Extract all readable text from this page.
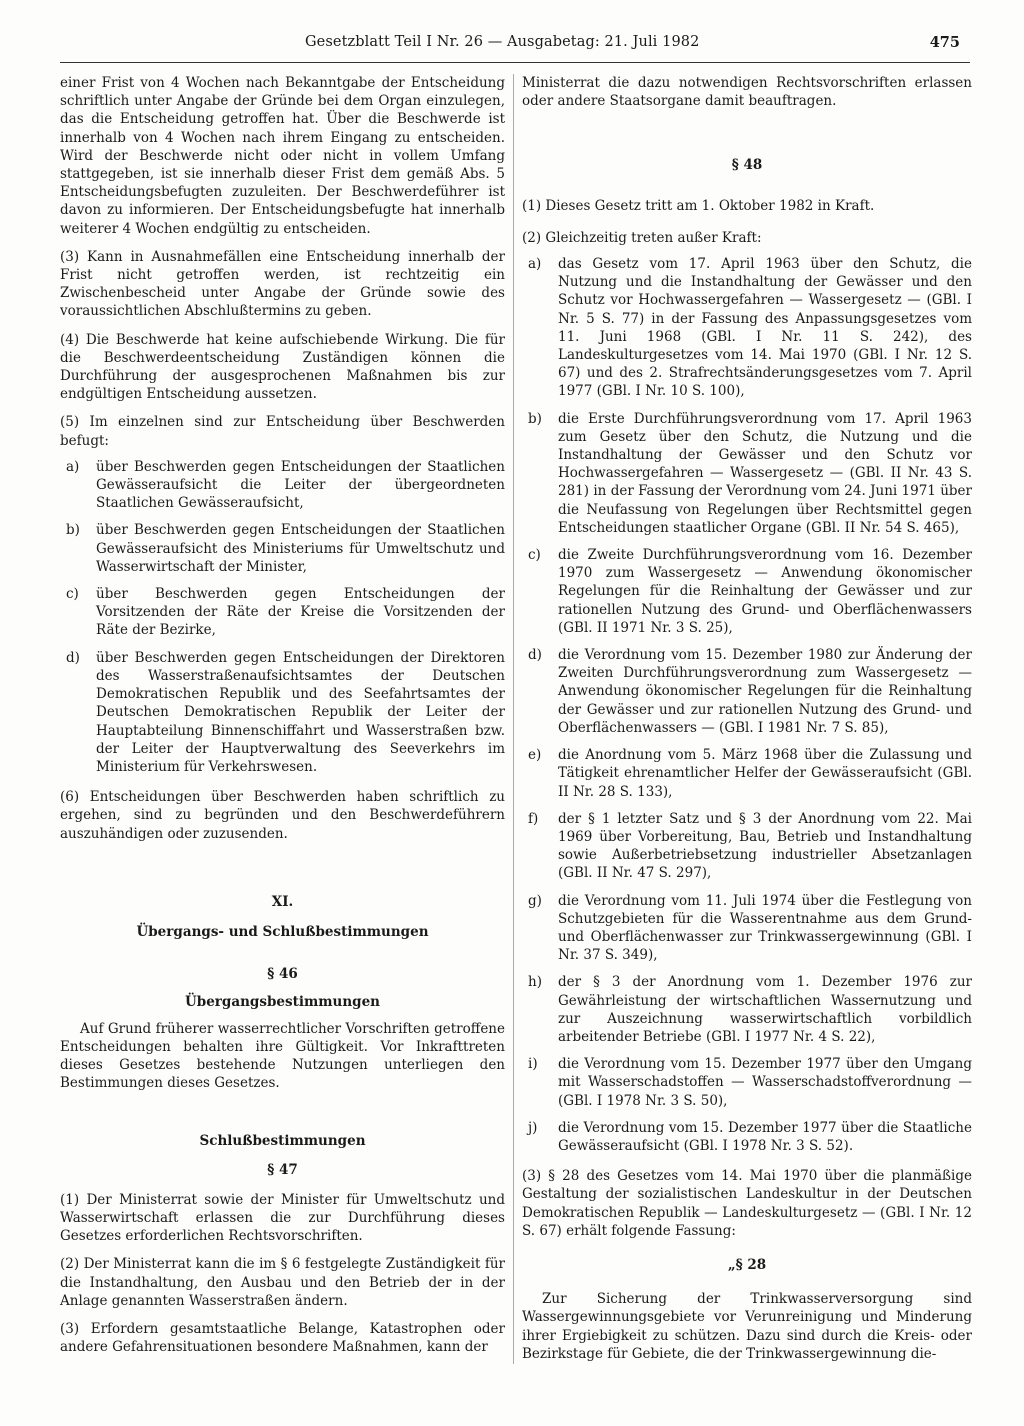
Gesetzblatt Teil I Nr. 26 — Ausgabetag: 21. Juli 1982	475

einer Frist von 4 Wochen nach Bekanntgabe der Entscheidung schriftlich unter Angabe der Gründe bei dem Organ einzulegen, das die Entscheidung getroffen hat. Über die Beschwerde ist innerhalb von 4 Wochen nach ihrem Eingang zu entscheiden. Wird der Beschwerde nicht oder nicht in vollem Umfang stattgegeben, ist sie innerhalb dieser Frist dem gemäß Abs. 5 Entscheidungsbefugten zuzuleiten. Der Beschwerdeführer ist davon zu informieren. Der Entscheidungsbefugte hat innerhalb weiterer 4 Wochen endgültig zu entscheiden.

(3) Kann in Ausnahmefällen eine Entscheidung innerhalb der Frist nicht getroffen werden, ist rechtzeitig ein Zwischenbescheid unter Angabe der Gründe sowie des voraussichtlichen Abschlußtermins zu geben.

(4) Die Beschwerde hat keine aufschiebende Wirkung. Die für die Beschwerdeentscheidung Zuständigen können die Durchführung der ausgesprochenen Maßnahmen bis zur endgültigen Entscheidung aussetzen.

(5) Im einzelnen sind zur Entscheidung über Beschwerden befugt:

a) über Beschwerden gegen Entscheidungen der Staatlichen Gewässeraufsicht die Leiter der übergeordneten Staatlichen Gewässeraufsicht,
b) über Beschwerden gegen Entscheidungen der Staatlichen Gewässeraufsicht des Ministeriums für Umweltschutz und Wasserwirtschaft der Minister,
c) über Beschwerden gegen Entscheidungen der Vorsitzenden der Räte der Kreise die Vorsitzenden der Räte der Bezirke,
d) über Beschwerden gegen Entscheidungen der Direktoren des Wasserstraßenaufsichtsamtes der Deutschen Demokratischen Republik und des Seefahrtsamtes der Deutschen Demokratischen Republik der Leiter der Hauptabteilung Binnenschiffahrt und Wasserstraßen bzw. der Leiter der Hauptverwaltung des Seeverkehrs im Ministerium für Verkehrswesen.

(6) Entscheidungen über Beschwerden haben schriftlich zu ergehen, sind zu begründen und den Beschwerdeführern auszuhändigen oder zuzusenden.

XI.

Übergangs- und Schlußbestimmungen

§ 46

Übergangsbestimmungen

Auf Grund früherer wasserrechtlicher Vorschriften getroffene Entscheidungen behalten ihre Gültigkeit. Vor Inkrafttreten dieses Gesetzes bestehende Nutzungen unterliegen den Bestimmungen dieses Gesetzes.

Schlußbestimmungen

§ 47

(1) Der Ministerrat sowie der Minister für Umweltschutz und Wasserwirtschaft erlassen die zur Durchführung dieses Gesetzes erforderlichen Rechtsvorschriften.

(2) Der Ministerrat kann die im § 6 festgelegte Zuständigkeit für die Instandhaltung, den Ausbau und den Betrieb der in der Anlage genannten Wasserstraßen ändern.

(3) Erfordern gesamtstaatliche Belange, Katastrophen oder andere Gefahrensituationen besondere Maßnahmen, kann der

Ministerrat die dazu notwendigen Rechtsvorschriften erlassen oder andere Staatsorgane damit beauftragen.

§ 48

(1) Dieses Gesetz tritt am 1. Oktober 1982 in Kraft.

(2) Gleichzeitig treten außer Kraft:

a) das Gesetz vom 17. April 1963 über den Schutz, die Nutzung und die Instandhaltung der Gewässer und den Schutz vor Hochwassergefahren — Wassergesetz — (GBl. I Nr. 5 S. 77) in der Fassung des Anpassungsgesetzes vom 11. Juni 1968 (GBl. I Nr. 11 S. 242), des Landeskulturgesetzes vom 14. Mai 1970 (GBl. I Nr. 12 S. 67) und des 2. Strafrechtsänderungsgesetzes vom 7. April 1977 (GBl. I Nr. 10 S. 100),
b) die Erste Durchführungsverordnung vom 17. April 1963 zum Gesetz über den Schutz, die Nutzung und die Instandhaltung der Gewässer und den Schutz vor Hochwassergefahren — Wassergesetz — (GBl. II Nr. 43 S. 281) in der Fassung der Verordnung vom 24. Juni 1971 über die Neufassung von Regelungen über Rechtsmittel gegen Entscheidungen staatlicher Organe (GBl. II Nr. 54 S. 465),
c) die Zweite Durchführungsverordnung vom 16. Dezember 1970 zum Wassergesetz — Anwendung ökonomischer Regelungen für die Reinhaltung der Gewässer und zur rationellen Nutzung des Grund- und Oberflächenwassers (GBl. II 1971 Nr. 3 S. 25),
d) die Verordnung vom 15. Dezember 1980 zur Änderung der Zweiten Durchführungsverordnung zum Wassergesetz — Anwendung ökonomischer Regelungen für die Reinhaltung der Gewässer und zur rationellen Nutzung des Grund- und Oberflächenwassers — (GBl. I 1981 Nr. 7 S. 85),
e) die Anordnung vom 5. März 1968 über die Zulassung und Tätigkeit ehrenamtlicher Helfer der Gewässeraufsicht (GBl. II Nr. 28 S. 133),
f) der § 1 letzter Satz und § 3 der Anordnung vom 22. Mai 1969 über Vorbereitung, Bau, Betrieb und Instandhaltung sowie Außerbetriebsetzung industrieller Absetzanlagen (GBl. II Nr. 47 S. 297),
g) die Verordnung vom 11. Juli 1974 über die Festlegung von Schutzgebieten für die Wasserentnahme aus dem Grund- und Oberflächenwasser zur Trinkwassergewinnung (GBl. I Nr. 37 S. 349),
h) der § 3 der Anordnung vom 1. Dezember 1976 zur Gewährleistung der wirtschaftlichen Wassernutzung und zur Auszeichnung wasserwirtschaftlich vorbildlich arbeitender Betriebe (GBl. I 1977 Nr. 4 S. 22),
i) die Verordnung vom 15. Dezember 1977 über den Umgang mit Wasserschadstoffen — Wasserschadstoffverordnung — (GBl. I 1978 Nr. 3 S. 50),
j) die Verordnung vom 15. Dezember 1977 über die Staatliche Gewässeraufsicht (GBl. I 1978 Nr. 3 S. 52).

(3) § 28 des Gesetzes vom 14. Mai 1970 über die planmäßige Gestaltung der sozialistischen Landeskultur in der Deutschen Demokratischen Republik — Landeskulturgesetz — (GBl. I Nr. 12 S. 67) erhält folgende Fassung:

„§ 28

Zur Sicherung der Trinkwasserversorgung sind Wassergewinnungsgebiete vor Verunreinigung und Minderung ihrer Ergiebigkeit zu schützen. Dazu sind durch die Kreis- oder Bezirkstage für Gebiete, die der Trinkwassergewinnung die-
